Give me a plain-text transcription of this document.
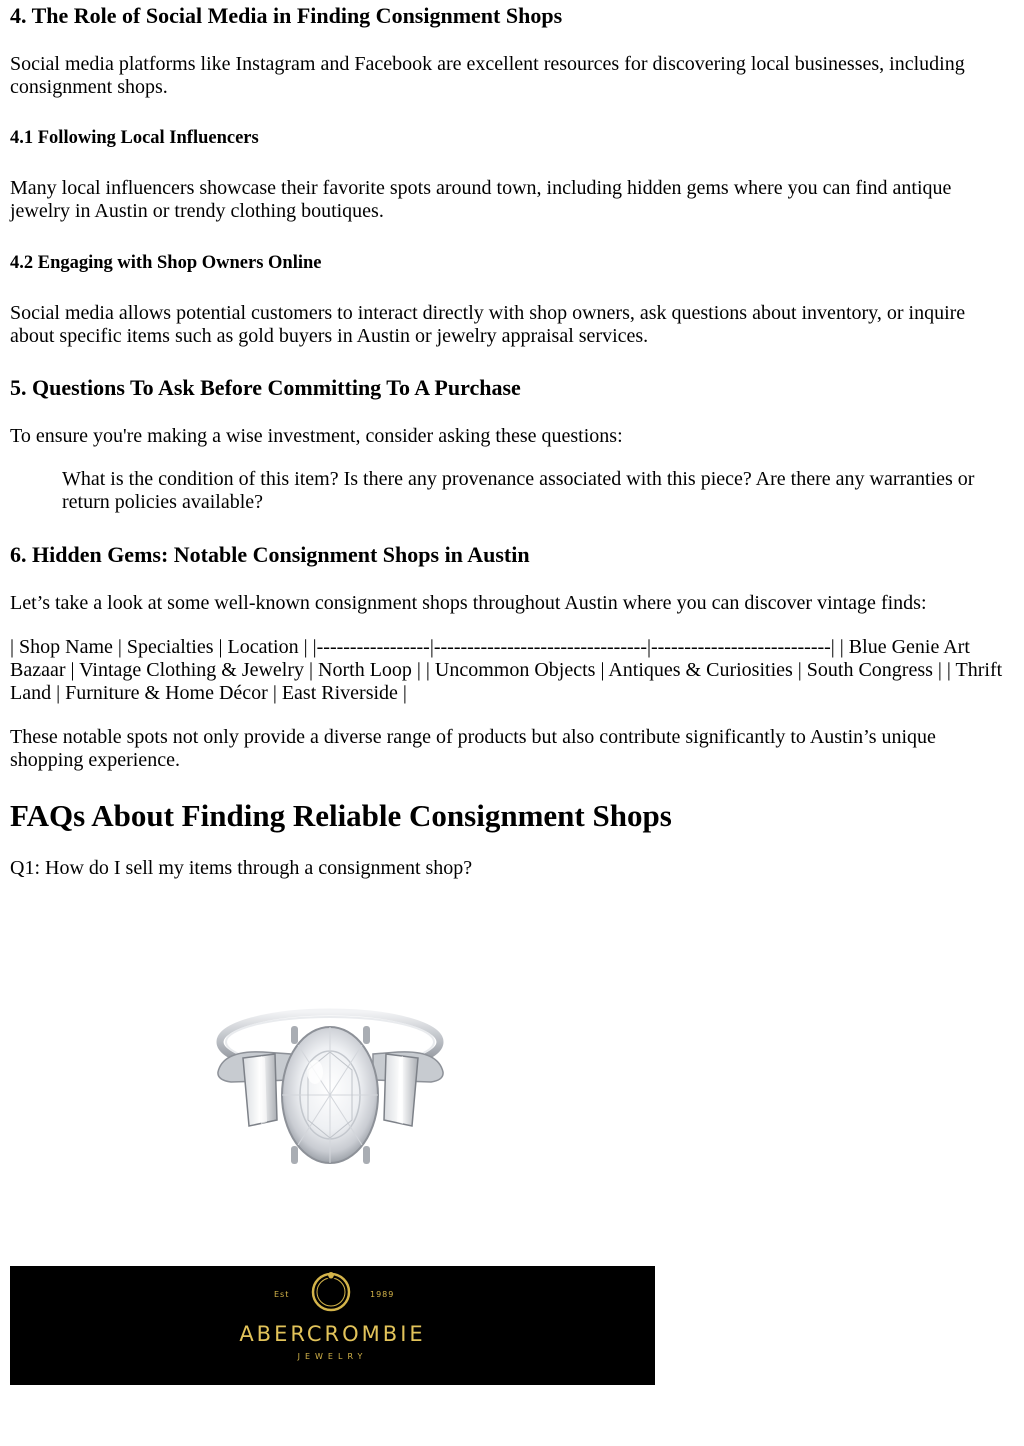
4. The Role of Social Media in Finding Consignment Shops

Social media platforms like Instagram and Facebook are excellent resources for discovering local businesses, including consignment shops.

4.1 Following Local Influencers

Many local influencers showcase their favorite spots around town, including hidden gems where you can find antique jewelry in Austin or trendy clothing boutiques.

4.2 Engaging with Shop Owners Online

Social media allows potential customers to interact directly with shop owners, ask questions about inventory, or inquire about specific items such as gold buyers in Austin or jewelry appraisal services.

5. Questions To Ask Before Committing To A Purchase

To ensure you're making a wise investment, consider asking these questions:

What is the condition of this item? Is there any provenance associated with this piece? Are there any warranties or return policies available?

6. Hidden Gems: Notable Consignment Shops in Austin

Let’s take a look at some well-known consignment shops throughout Austin where you can discover vintage finds:

| Shop Name | Specialties | Location | |-----------------|--------------------------------|---------------------------| | Blue Genie Art Bazaar | Vintage Clothing & Jewelry | North Loop | | Uncommon Objects | Antiques & Curiosities | South Congress | | Thrift Land | Furniture & Home Décor | East Riverside |

These notable spots not only provide a diverse range of products but also contribute significantly to Austin’s unique shopping experience.

FAQs About Finding Reliable Consignment Shops

Q1: How do I sell my items through a consignment shop?

Est	1989
ABERCROMBIE
JEWELRY
